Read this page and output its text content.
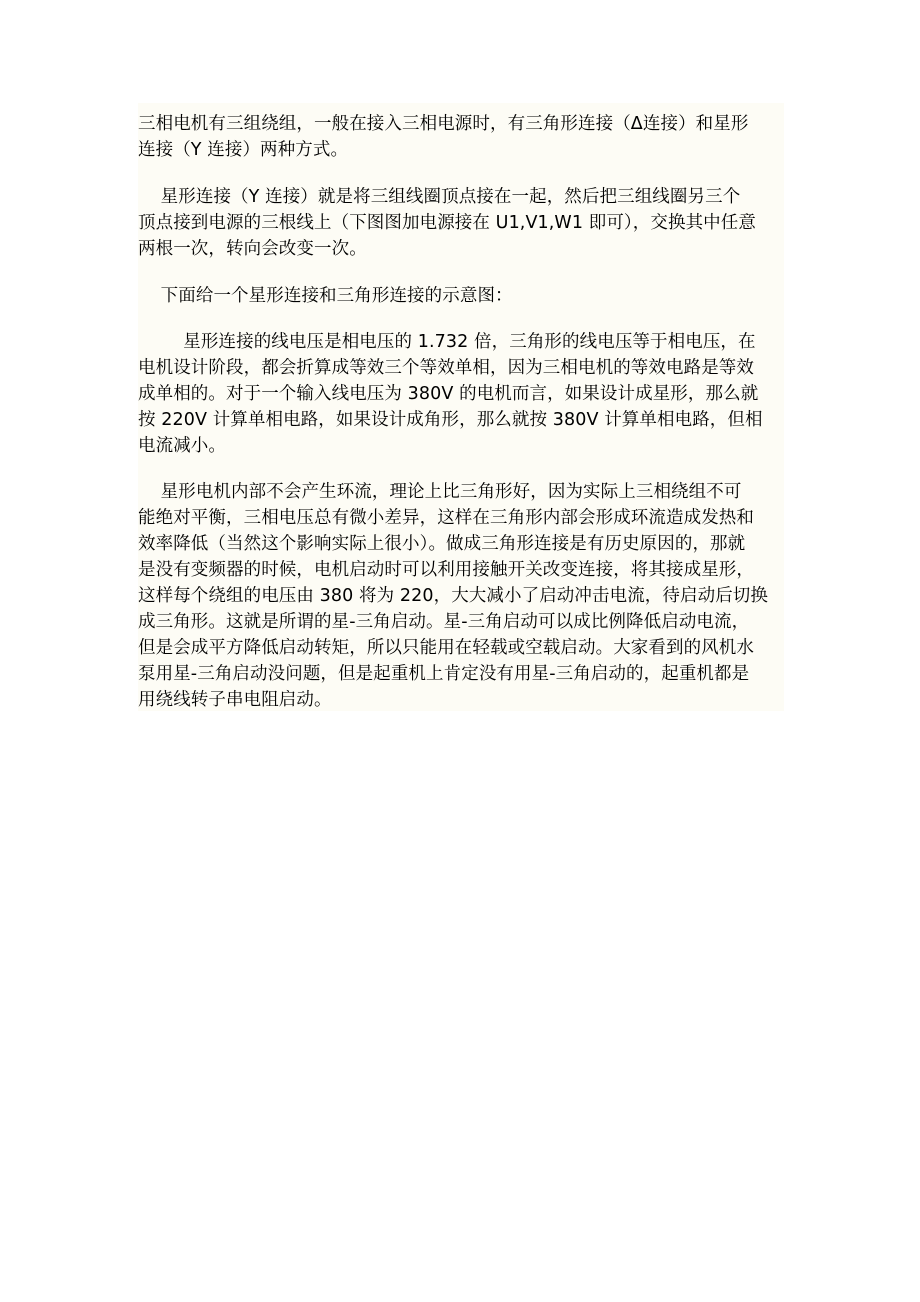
三相电机有三组绕组，一般在接入三相电源时，有三角形连接（Δ连接）和星形
连接（Y 连接）两种方式。

星形连接（Y 连接）就是将三组线圈顶点接在一起，然后把三组线圈另三个
顶点接到电源的三根线上（下图图加电源接在 U1,V1,W1 即可），交换其中任意
两根一次，转向会改变一次。

下面给一个星形连接和三角形连接的示意图：

星形连接的线电压是相电压的 1.732 倍，三角形的线电压等于相电压，在
电机设计阶段，都会折算成等效三个等效单相，因为三相电机的等效电路是等效
成单相的。对于一个输入线电压为 380V 的电机而言，如果设计成星形，那么就
按 220V 计算单相电路，如果设计成角形，那么就按 380V 计算单相电路，但相
电流减小。

星形电机内部不会产生环流，理论上比三角形好，因为实际上三相绕组不可
能绝对平衡，三相电压总有微小差异，这样在三角形内部会形成环流造成发热和
效率降低（当然这个影响实际上很小）。做成三角形连接是有历史原因的，那就
是没有变频器的时候，电机启动时可以利用接触开关改变连接，将其接成星形，
这样每个绕组的电压由 380 将为 220，大大减小了启动冲击电流，待启动后切换
成三角形。这就是所谓的星-三角启动。星-三角启动可以成比例降低启动电流，
但是会成平方降低启动转矩，所以只能用在轻载或空载启动。大家看到的风机水
泵用星-三角启动没问题，但是起重机上肯定没有用星-三角启动的，起重机都是
用绕线转子串电阻启动。
